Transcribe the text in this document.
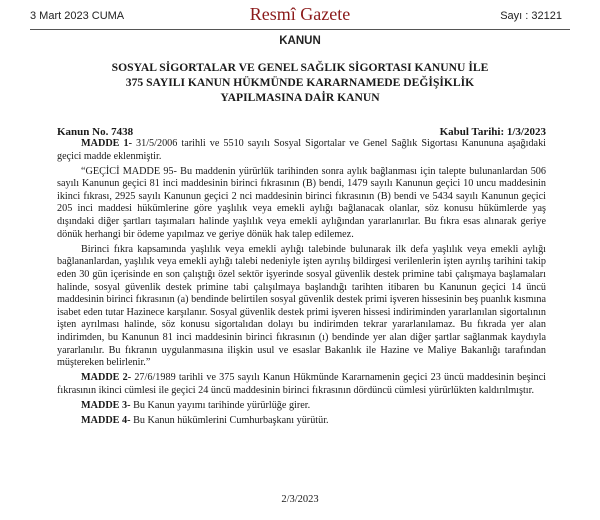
3 Mart 2023 CUMA	Resmî Gazete	Sayı : 32121
KANUN
SOSYAL SİGORTALAR VE GENEL SAĞLIK SİGORTASI KANUNU İLE
375 SAYILI KANUN HÜKMÜNDE KARARNAMEDE DEĞİŞİKLİK
YAPILMASINA DAİR KANUN
Kanun No. 7438	Kabul Tarihi: 1/3/2023

MADDE 1- 31/5/2006 tarihli ve 5510 sayılı Sosyal Sigortalar ve Genel Sağlık Sigortası Kanununa aşağıdaki geçici madde eklenmiştir.

“GEÇİCİ MADDE 95- Bu maddenin yürürlük tarihinden sonra aylık bağlanması için talepte bulunanlardan 506 sayılı Kanunun geçici 81 inci maddesinin birinci fıkrasının (B) bendi, 1479 sayılı Kanunun geçici 10 uncu maddesinin ikinci fıkrası, 2925 sayılı Kanunun geçici 2 nci maddesinin birinci fıkrasının (B) bendi ve 5434 sayılı Kanunun geçici 205 inci maddesi hükümlerine göre yaşlılık veya emekli aylığı bağlanacak olanlar, söz konusu hükümlerde yaş dışındaki diğer şartları taşımaları halinde yaşlılık veya emekli aylığından yararlanırlar. Bu fıkra esas alınarak geriye dönük herhangi bir ödeme yapılmaz ve geriye dönük hak talep edilemez.

Birinci fıkra kapsamında yaşlılık veya emekli aylığı talebinde bulunarak ilk defa yaşlılık veya emekli aylığı bağlananlardan, yaşlılık veya emekli aylığı talebi nedeniyle işten ayrılış bildirgesi verilenlerin işten ayrılış tarihini takip eden 30 gün içerisinde en son çalıştığı özel sektör işyerinde sosyal güvenlik destek primine tabi çalışmaya başlamaları halinde, sosyal güvenlik destek primine tabi çalışılmaya başlandığı tarihten itibaren bu Kanunun geçici 14 üncü maddesinin birinci fıkrasının (a) bendinde belirtilen sosyal güvenlik destek primi işveren hissesinin beş puanlık kısmına isabet eden tutar Hazinece karşılanır. Sosyal güvenlik destek primi işveren hissesi indiriminden yararlanılan sigortalının işten ayrılması halinde, söz konusu sigortalıdan dolayı bu indirimden tekrar yararlanılamaz. Bu fıkrada yer alan indirimden, bu Kanunun 81 inci maddesinin birinci fıkrasının (ı) bendinde yer alan diğer şartlar sağlanmak kaydıyla yararlanılır. Bu fıkranın uygulanmasına ilişkin usul ve esaslar Bakanlık ile Hazine ve Maliye Bakanlığı tarafından müştereken belirlenir.”

MADDE 2- 27/6/1989 tarihli ve 375 sayılı Kanun Hükmünde Kararnamenin geçici 23 üncü maddesinin beşinci fıkrasının ikinci cümlesi ile geçici 24 üncü maddesinin birinci fıkrasının dördüncü cümlesi yürürlükten kaldırılmıştır.

MADDE 3- Bu Kanun yayımı tarihinde yürürlüğe girer.

MADDE 4- Bu Kanun hükümlerini Cumhurbaşkanı yürütür.

2/3/2023
